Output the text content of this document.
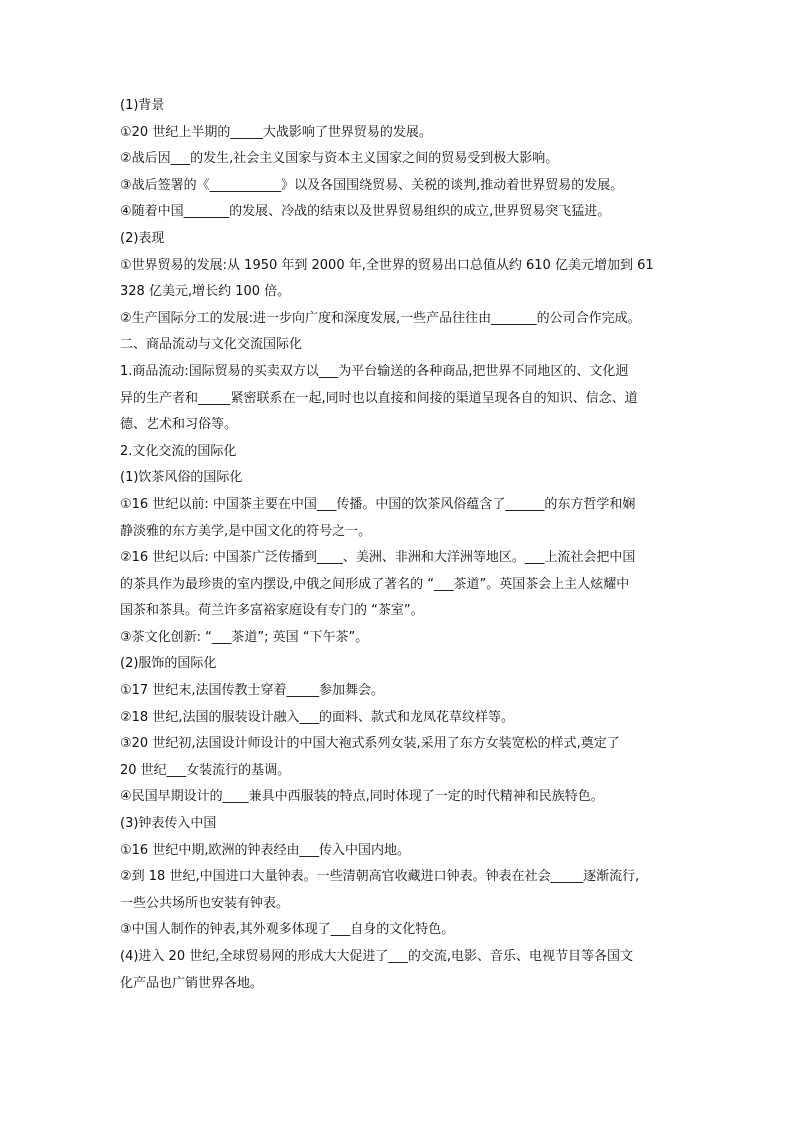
(1)背景
①20 世纪上半期的_____大战影响了世界贸易的发展。
②战后因___的发生,社会主义国家与资本主义国家之间的贸易受到极大影响。
③战后签署的《___________》以及各国围绕贸易、关税的谈判,推动着世界贸易的发展。
④随着中国_______的发展、冷战的结束以及世界贸易组织的成立,世界贸易突飞猛进。
(2)表现
①世界贸易的发展:从 1950 年到 2000 年,全世界的贸易出口总值从约 610 亿美元增加到 61
328 亿美元,增长约 100 倍。
②生产国际分工的发展:进一步向广度和深度发展,一些产品往往由_______的公司合作完成。
二、商品流动与文化交流国际化
1.商品流动:国际贸易的买卖双方以___为平台输送的各种商品,把世界不同地区的、文化迥
异的生产者和_____紧密联系在一起,同时也以直接和间接的渠道呈现各自的知识、信念、道
德、艺术和习俗等。
2.文化交流的国际化
(1)饮茶风俗的国际化
①16 世纪以前: 中国茶主要在中国___传播。中国的饮茶风俗蕴含了______的东方哲学和娴
静淡雅的东方美学,是中国文化的符号之一。
②16 世纪以后: 中国茶广泛传播到____、美洲、非洲和大洋洲等地区。___上流社会把中国
的茶具作为最珍贵的室内摆设,中俄之间形成了著名的 “___茶道”。英国茶会上主人炫耀中
国茶和茶具。荷兰许多富裕家庭设有专门的 “茶室”。
③茶文化创新: “___茶道”; 英国 “下午茶”。
(2)服饰的国际化
①17 世纪末,法国传教士穿着_____参加舞会。
②18 世纪,法国的服装设计融入___的面料、款式和龙凤花草纹样等。
③20 世纪初,法国设计师设计的中国大袍式系列女装,采用了东方女装宽松的样式,奠定了
20 世纪___女装流行的基调。
④民国早期设计的____兼具中西服装的特点,同时体现了一定的时代精神和民族特色。
(3)钟表传入中国
①16 世纪中期,欧洲的钟表经由___传入中国内地。
②到 18 世纪,中国进口大量钟表。一些清朝高官收藏进口钟表。钟表在社会_____逐渐流行,
一些公共场所也安装有钟表。
③中国人制作的钟表,其外观多体现了___自身的文化特色。
(4)进入 20 世纪,全球贸易网的形成大大促进了___的交流,电影、音乐、电视节目等各国文
化产品也广销世界各地。
